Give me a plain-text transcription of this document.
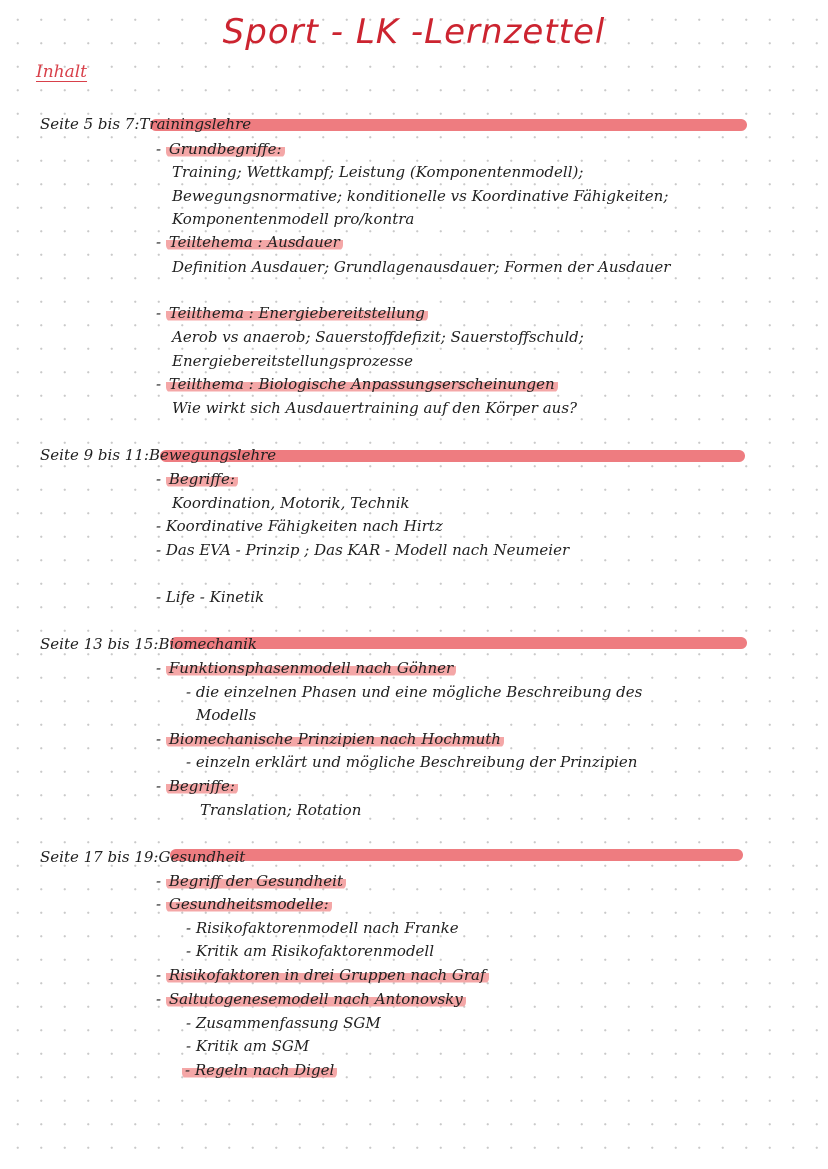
Sport - LK -Lernzettel
Inhalt
Seite 5 bis 7:Trainingslehre
- Grundbegriffe:
Training; Wettkampf; Leistung (Komponentenmodell);
Bewegungsnormative; konditionelle vs Koordinative Fähigkeiten;
Komponentenmodell pro/kontra
- Teiltehema : Ausdauer
Definition Ausdauer; Grundlagenausdauer; Formen der Ausdauer
- Teilthema : Energiebereitstellung
Aerob vs anaerob; Sauerstoffdefizit; Sauerstoffschuld;
Energiebereitstellungsprozesse
- Teilthema : Biologische Anpassungserscheinungen
Wie wirkt sich Ausdauertraining auf den Körper aus?
Seite 9 bis 11:Bewegungslehre
- Begriffe:
Koordination, Motorik, Technik
- Koordinative Fähigkeiten nach Hirtz
- Das EVA - Prinzip ; Das KAR - Modell nach Neumeier
- Life - Kinetik
Seite 13 bis 15:Biomechanik
- Funktionsphasenmodell nach Göhner
- die einzelnen Phasen und eine mögliche Beschreibung des
Modells
- Biomechanische Prinzipien nach Hochmuth
- einzeln erklärt und mögliche Beschreibung der Prinzipien
- Begriffe:
Translation; Rotation
Seite 17 bis 19:Gesundheit
- Begriff der Gesundheit
- Gesundheitsmodelle:
- Risikofaktorenmodell nach Franke
- Kritik am Risikofaktorenmodell
- Risikofaktoren in drei Gruppen nach Graf
- Saltutogenesemodell nach Antonovsky
- Zusammenfassung SGM
- Kritik am SGM
- Regeln nach Digel
